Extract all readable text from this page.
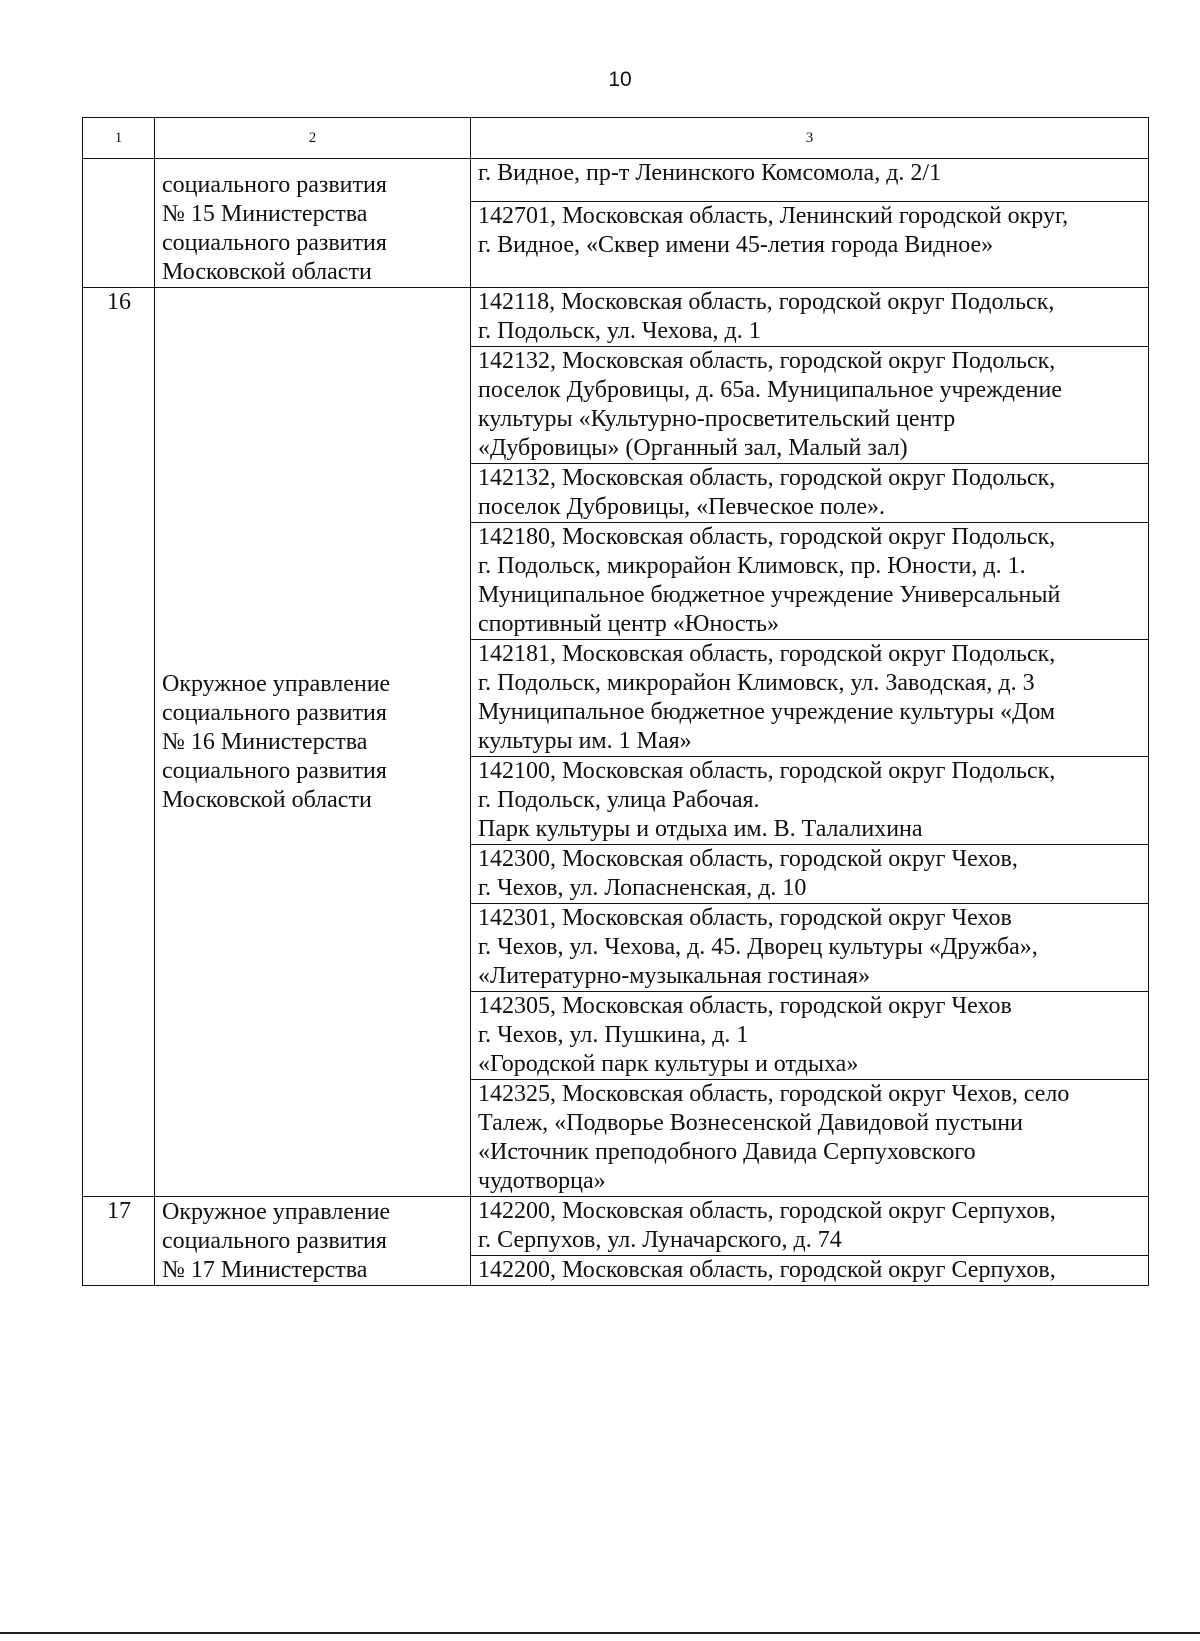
10
1	2	3

	социального развития
№ 15 Министерства
социального развития
Московской области	г. Видное, пр-т Ленинского Комсомола, д. 2/1

		142701, Московская область, Ленинский городской округ,
г. Видное, «Сквер имени 45-летия города Видное»

16	Окружное управление
социального развития
№ 16 Министерства
социального развития
Московской области	142118, Московская область, городской округ Подольск,
г. Подольск, ул. Чехова, д. 1

		142132, Московская область, городской округ Подольск,
поселок Дубровицы, д. 65а. Муниципальное учреждение
культуры «Культурно-просветительский центр
«Дубровицы» (Органный зал, Малый зал)

		142132, Московская область, городской округ Подольск,
поселок Дубровицы, «Певческое поле».

		142180, Московская область, городской округ Подольск,
г. Подольск, микрорайон Климовск, пр. Юности, д. 1.
Муниципальное бюджетное учреждение Универсальный
спортивный центр «Юность»

		142181, Московская область, городской округ Подольск,
г. Подольск, микрорайон Климовск, ул. Заводская, д. 3
Муниципальное бюджетное учреждение культуры «Дом
культуры им. 1 Мая»

		142100, Московская область, городской округ Подольск,
г. Подольск, улица Рабочая.
Парк культуры и отдыха им. В. Талалихина

		142300, Московская область, городской округ Чехов,
г. Чехов, ул. Лопасненская, д. 10

		142301, Московская область, городской округ Чехов
г. Чехов, ул. Чехова, д. 45. Дворец культуры «Дружба»,
«Литературно-музыкальная гостиная»

		142305, Московская область, городской округ Чехов
г. Чехов, ул. Пушкина, д. 1
«Городской парк культуры и отдыха»

		142325, Московская область, городской округ Чехов, село
Талеж, «Подворье Вознесенской Давидовой пустыни
«Источник преподобного Давида Серпуховского
чудотворца»

17	Окружное управление
социального развития
№ 17 Министерства	142200, Московская область, городской округ Серпухов,
г. Серпухов, ул. Луначарского, д. 74

		142200, Московская область, городской округ Серпухов,
